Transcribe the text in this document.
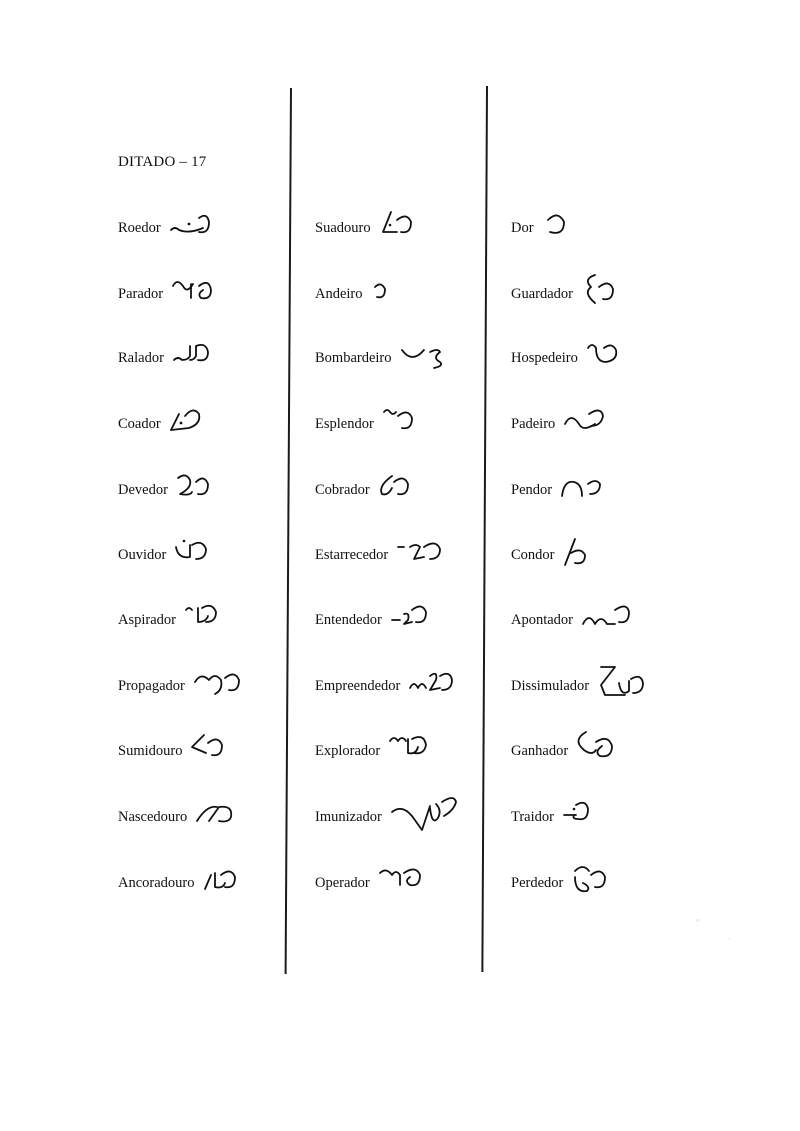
DITADO – 17
Roedor
Parador
Ralador
Coador
Devedor
Ouvidor
Aspirador
Propagador
Sumidouro
Nascedouro
Ancoradouro
Suadouro
Andeiro
Bombardeiro
Esplendor
Cobrador
Estarrecedor
Entendedor
Empreendedor
Explorador
Imunizador
Operador
Dor
Guardador
Hospedeiro
Padeiro
Pendor
Condor
Apontador
Dissimulador
Ganhador
Traidor
Perdedor
◦
·
